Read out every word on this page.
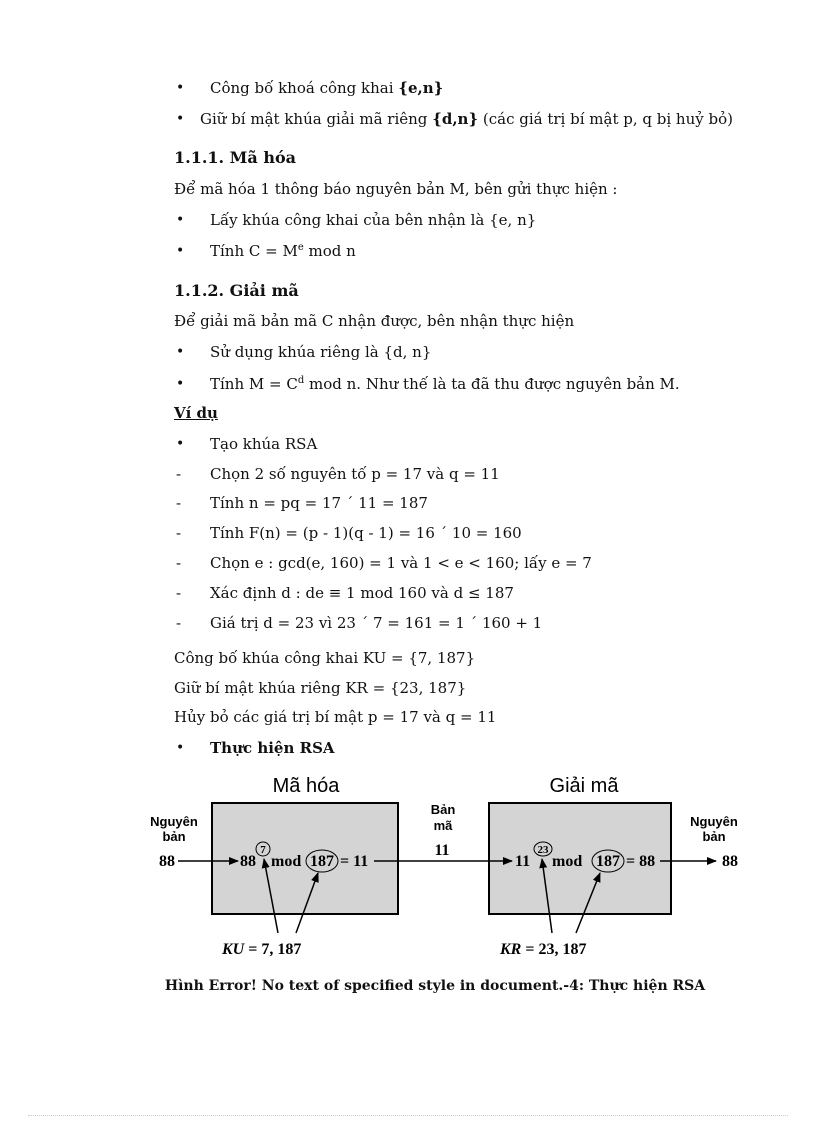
• Công bố khoá công khai {e,n}
• Giữ bí mật khúa giải mã riêng {d,n} (các giá trị bí mật p, q bị huỷ bỏ)
1.1.1. Mã hóa
Để mã hóa 1 thông báo nguyên bản M, bên gửi thực hiện :
• Lấy khúa công khai của bên nhận là {e, n}
• Tính $C = M^e$ mod n
1.1.2. Giải mã
Để giải mã bản mã C nhận được, bên nhận thực hiện
• Sử dụng khúa riêng là {d, n}
• Tính $M = C^d$ mod n. Như thế là ta đã thu được nguyên bản M.
Ví dụ
• Tạo khúa RSA
- Chọn 2 số nguyên tố p = 17 và q = 11
- Tính n = pq = 17 ´ 11 = 187
- Tính F(n) = (p - 1)(q - 1) = 16 ´ 10 = 160
- Chọn e : gcd(e, 160) = 1 và 1 < e < 160; lấy e = 7
- Xác định d : de ≡ 1 mod 160 và d ≤ 187
- Giá trị d = 23 vì 23 ´ 7 = 161 = 1 ´ 160 + 1
Công bố khúa công khai KU = {7, 187}
Giữ bí mật khúa riêng KR = {23, 187}
Hủy bỏ các giá trị bí mật p = 17 và q = 11
• Thực hiện RSA
Mã hóa	Giải mã
Nguyên
bản
88	88
7
mod 187 = 11
Bản
mã
11
11
23
mod 187 = 88
Nguyên
bản
88
KU = 7, 187	KR = 23, 187
Hình Error! No text of specified style in document.-4: Thực hiện RSA
